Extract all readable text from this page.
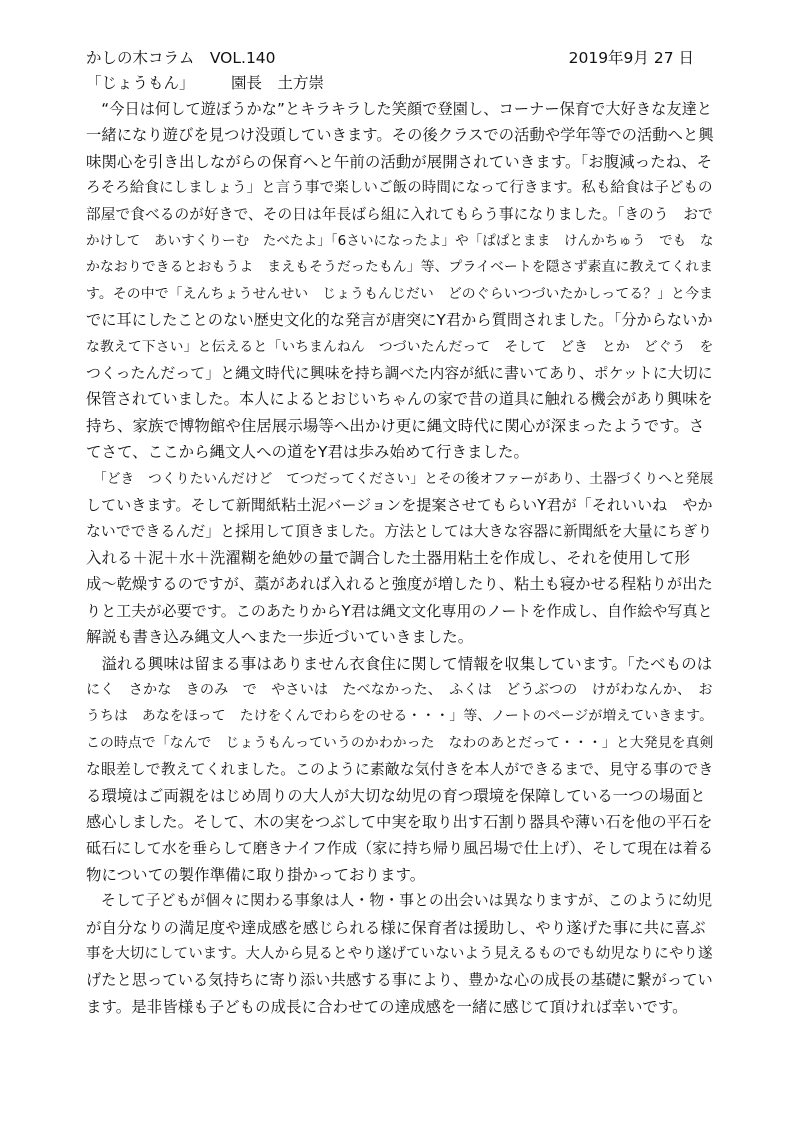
かしの木コラム　VOL.140	2019年9月 27 日
「じょうもん」 園長　土方崇
　“今日は何して遊ぼうかな”とキラキラした笑顔で登園し、コーナー保育で大好きな友達と
一緒になり遊びを見つけ没頭していきます。その後クラスでの活動や学年等での活動へと興
味関心を引き出しながらの保育へと午前の活動が展開されていきます。「お腹減ったね、そ
ろそろ給食にしましょう」と言う事で楽しいご飯の時間になって行きます。私も給食は子どもの
部屋で食べるのが好きで、その日は年長ばら組に入れてもらう事になりました。「きのう　おで
かけして　あいすくりーむ　たべたよ」「6さいになったよ」や「ぱぱとまま　けんかちゅう　でも　な
かなおりできるとおもうよ　まえもそうだったもん」等、プライベートを隠さず素直に教えてくれま
す。その中で「えんちょうせんせい　じょうもんじだい　どのぐらいつづいたかしってる？」と今ま
でに耳にしたことのない歴史文化的な発言が唐突にY君から質問されました。「分からないか
な教えて下さい」と伝えると「いちまんねん　つづいたんだって　そして　どき　とか　どぐう　を
つくったんだって」と縄文時代に興味を持ち調べた内容が紙に書いてあり、ポケットに大切に
保管されていました。本人によるとおじいちゃんの家で昔の道具に触れる機会があり興味を
持ち、家族で博物館や住居展示場等へ出かけ更に縄文時代に関心が深まったようです。さ
てさて、ここから縄文人への道をY君は歩み始めて行きました。
　「どき　つくりたいんだけど　てつだってください」とその後オファーがあり、土器づくりへと発展
していきます。そして新聞紙粘土泥バージョンを提案させてもらいY君が「それいいね　やか
ないでできるんだ」と採用して頂きました。方法としては大きな容器に新聞紙を大量にちぎり
入れる＋泥＋水＋洗濯糊を絶妙の量で調合した土器用粘土を作成し、それを使用して形
成～乾燥するのですが、藁があれば入れると強度が増したり、粘土も寝かせる程粘りが出た
りと工夫が必要です。このあたりからY君は縄文文化専用のノートを作成し、自作絵や写真と
解説も書き込み縄文人へまた一歩近づいていきました。
　溢れる興味は留まる事はありません衣食住に関して情報を収集しています。「たべものは
にく　さかな　きのみ　で　やさいは　たべなかった、　ふくは　どうぶつの　けがわなんか、　お
うちは　あなをほって　たけをくんでわらをのせる・・・」等、ノートのページが増えていきます。
この時点で「なんで　じょうもんっていうのかわかった　なわのあとだって・・・」と大発見を真剣
な眼差しで教えてくれました。このように素敵な気付きを本人ができるまで、見守る事のでき
る環境はご両親をはじめ周りの大人が大切な幼児の育つ環境を保障している一つの場面と
感心しました。そして、木の実をつぶして中実を取り出す石割り器具や薄い石を他の平石を
砥石にして水を垂らして磨きナイフ作成（家に持ち帰り風呂場で仕上げ）、そして現在は着る
物についての製作準備に取り掛かっております。
　そして子どもが個々に関わる事象は人・物・事との出会いは異なりますが、このように幼児
が自分なりの満足度や達成感を感じられる様に保育者は援助し、やり遂げた事に共に喜ぶ
事を大切にしています。大人から見るとやり遂げていないよう見えるものでも幼児なりにやり遂
げたと思っている気持ちに寄り添い共感する事により、豊かな心の成長の基礎に繋がってい
ます。是非皆様も子どもの成長に合わせての達成感を一緒に感じて頂ければ幸いです。
